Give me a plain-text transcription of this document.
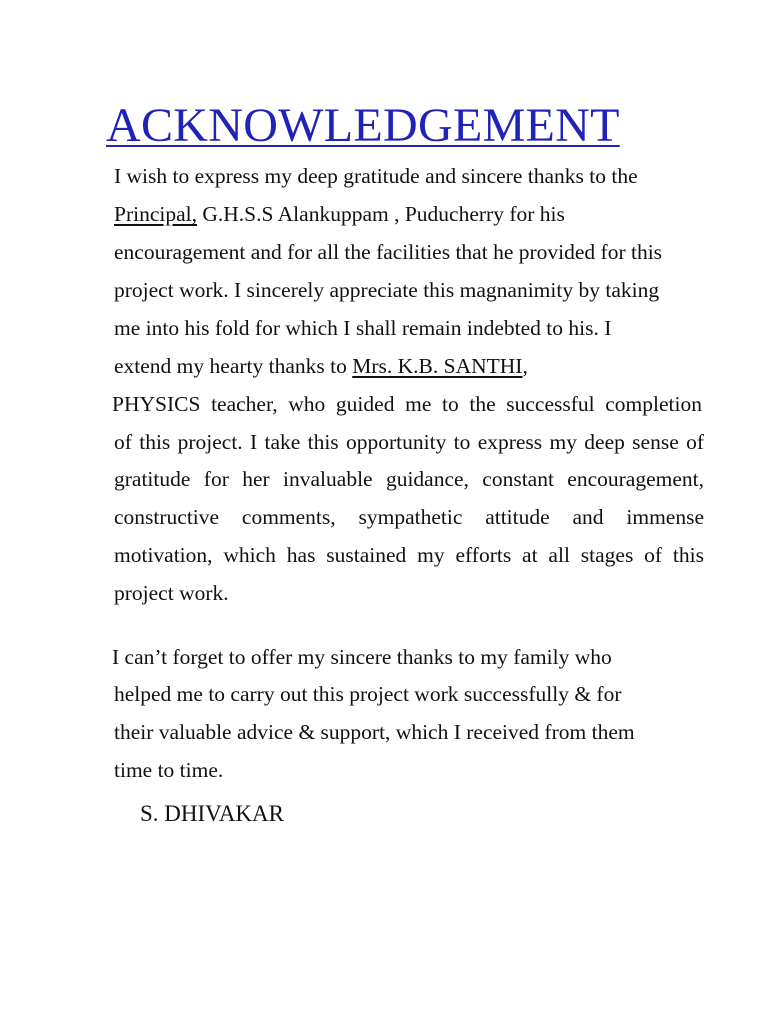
ACKNOWLEDGEMENT
I wish to express my deep gratitude and sincere thanks to the
Principal, G.H.S.S Alankuppam , Puducherry for his
encouragement and for all the facilities that he provided for this
project work. I sincerely appreciate this magnanimity by taking
me into his fold for which I shall remain indebted to his. I
extend my hearty thanks to Mrs. K.B. SANTHI,
PHYSICS teacher, who guided me to the successful completion
of this project. I take this opportunity to express my deep sense of
gratitude for her invaluable guidance, constant encouragement,
constructive comments, sympathetic attitude and immense
motivation, which has sustained my efforts at all stages of this
project work.
I can’t forget to offer my sincere thanks to my family who
helped me to carry out this project work successfully & for
their valuable advice & support, which I received from them
time to time.
S. DHIVAKAR
